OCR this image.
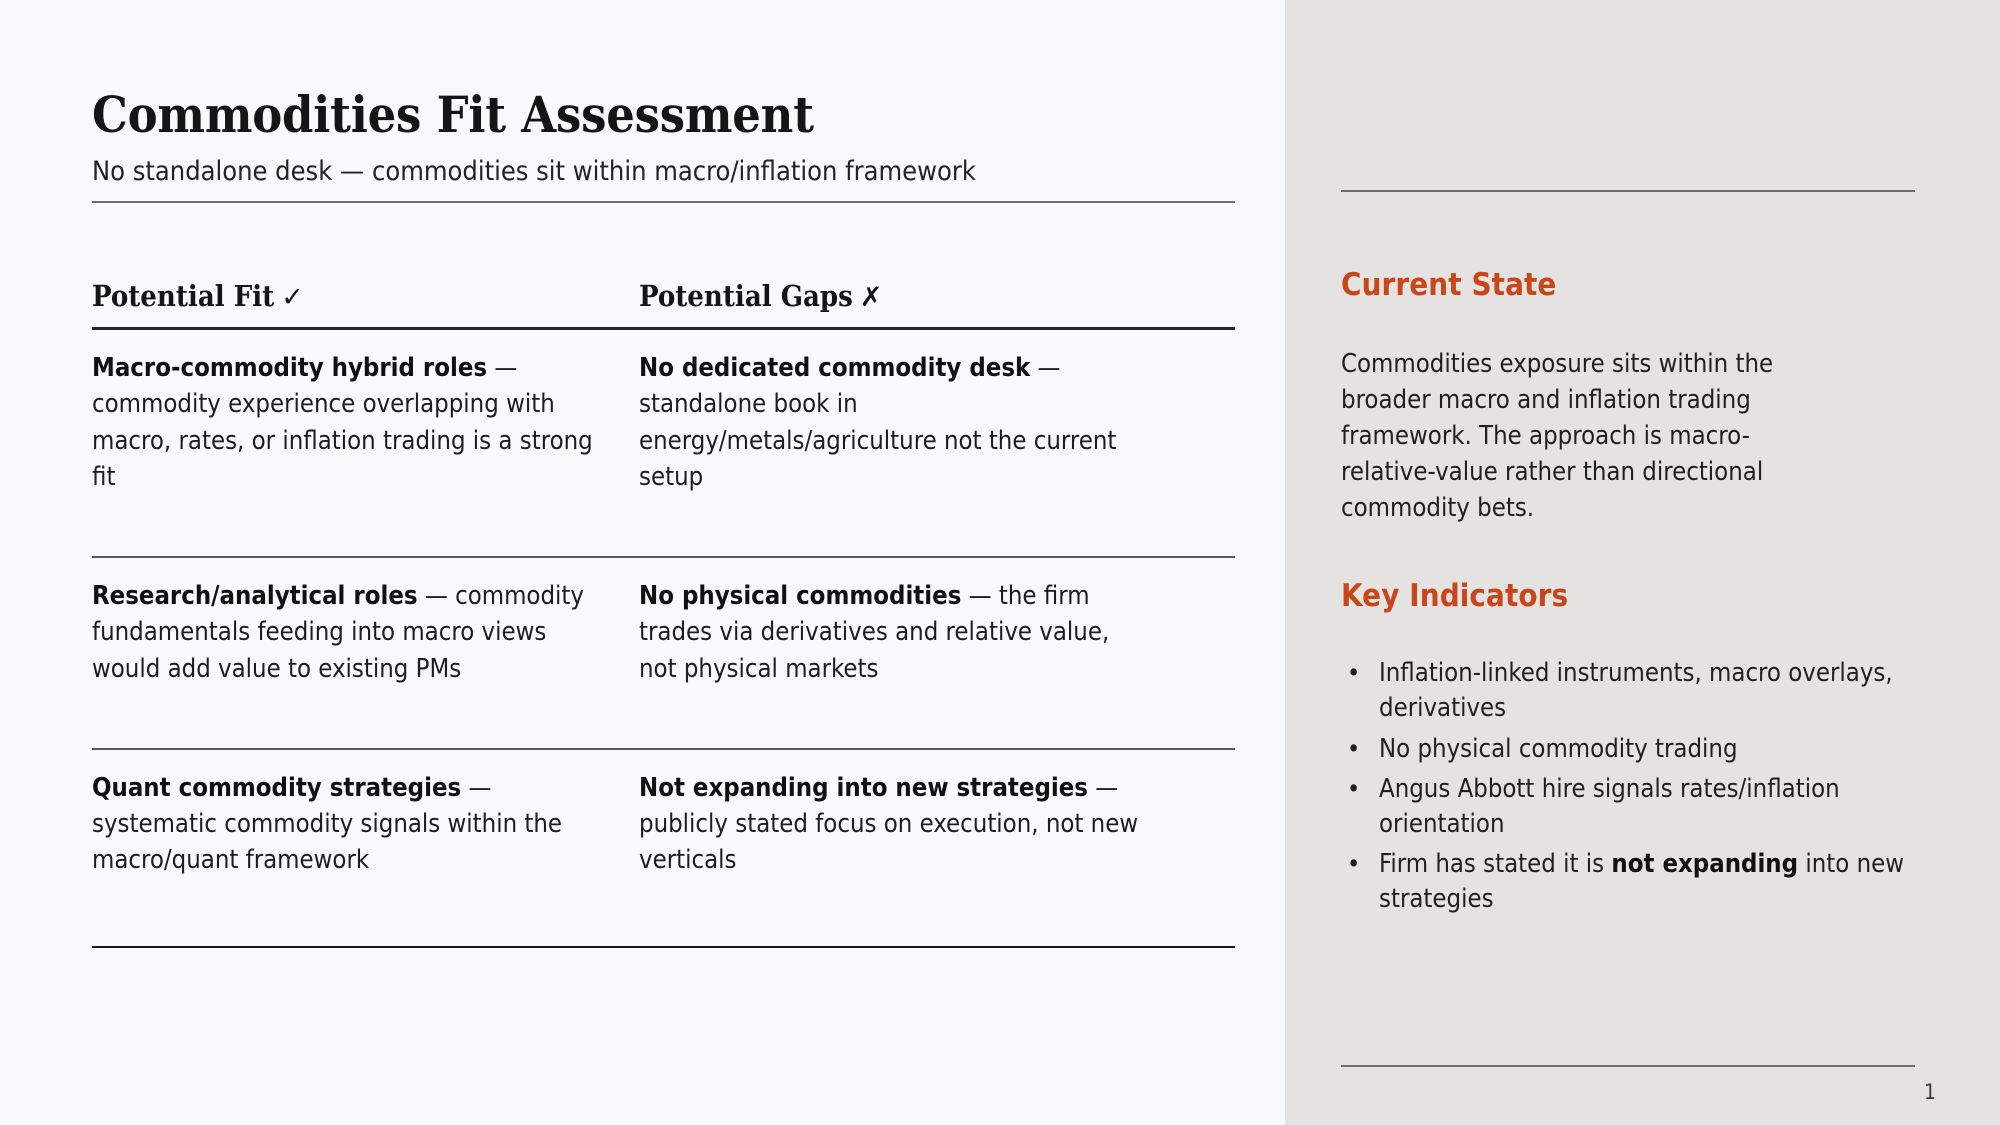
Commodities Fit Assessment
No standalone desk — commodities sit within macro/inflation framework
Potential Fit ✓	Potential Gaps ✗
Macro-commodity hybrid roles — commodity experience overlapping with macro, rates, or inflation trading is a strong fit
No dedicated commodity desk — standalone book in energy/metals/agriculture not the current setup
Research/analytical roles — commodity fundamentals feeding into macro views would add value to existing PMs
No physical commodities — the firm trades via derivatives and relative value, not physical markets
Quant commodity strategies — systematic commodity signals within the macro/quant framework
Not expanding into new strategies — publicly stated focus on execution, not new verticals
Current State
Commodities exposure sits within the broader macro and inflation trading framework. The approach is macro-relative-value rather than directional commodity bets.
Key Indicators
• Inflation-linked instruments, macro overlays, derivatives
• No physical commodity trading
• Angus Abbott hire signals rates/inflation orientation
• Firm has stated it is not expanding into new strategies
1
